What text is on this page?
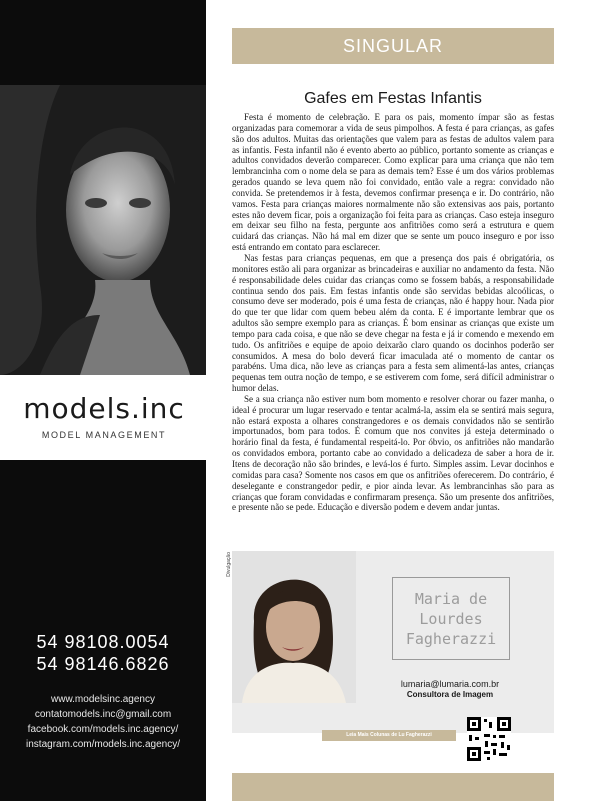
models.inc
MODEL MANAGEMENT
54 98108.0054
54 98146.6826
www.modelsinc.agency
contatomodels.inc@gmail.com
facebook.com/models.inc.agency/
instagram.com/models.inc.agency/
SINGULAR
Gafes em Festas Infantis

Festa é momento de celebração. E para os pais, momento ímpar são as festas organizadas para comemorar a vida de seus pimpolhos. A festa é para crianças, as gafes são dos adultos. Muitas das orientações que valem para as festas de adultos valem para as infantis. Festa infantil não é evento aberto ao público, portanto somente as crianças e adultos convidados deverão comparecer. Como explicar para uma criança que não tem lembrancinha com o nome dela se para as demais tem? Esse é um dos vários problemas gerados quando se leva quem não foi convidado, então vale a regra: convidado não convida. Se pretendemos ir à festa, devemos confirmar presença e ir. Do contrário, não vamos. Festa para crianças maiores normalmente não são extensivas aos pais, portanto estes não devem ficar, pois a organização foi feita para as crianças. Caso esteja inseguro em deixar seu filho na festa, pergunte aos anfitriões como será a estrutura e quem cuidará das crianças. Não há mal em dizer que se sente um pouco inseguro e por isso está entrando em contato para esclarecer.

Nas festas para crianças pequenas, em que a presença dos pais é obrigatória, os monitores estão ali para organizar as brincadeiras e auxiliar no andamento da festa. Não é responsabilidade deles cuidar das crianças como se fossem babás, a responsabilidade continua sendo dos pais. Em festas infantis onde são servidas bebidas alcoólicas, o consumo deve ser moderado, pois é uma festa de crianças, não é happy hour. Nada pior do que ter que lidar com quem bebeu além da conta. E é importante lembrar que os adultos são sempre exemplo para as crianças. É bom ensinar as crianças que existe um tempo para cada coisa, e que não se deve chegar na festa e já ir comendo e mexendo em tudo. Os anfitriões e equipe de apoio deixarão claro quando os docinhos poderão ser consumidos. A mesa do bolo deverá ficar imaculada até o momento de cantar os parabéns. Uma dica, não leve as crianças para a festa sem alimentá-las antes, crianças pequenas tem outra noção de tempo, e se estiverem com fome, será difícil administrar o humor delas.

Se a sua criança não estiver num bom momento e resolver chorar ou fazer manha, o ideal é procurar um lugar reservado e tentar acalmá-la, assim ela se sentirá mais segura, não estará exposta a olhares constrangedores e os demais convidados não se sentirão importunados, bom para todos. É comum que nos convites já esteja determinado o horário final da festa, é fundamental respeitá-lo. Por óbvio, os anfitriões não mandarão os convidados embora, portanto cabe ao convidado a delicadeza de saber a hora de ir. Itens de decoração não são brindes, e levá-los é furto. Simples assim. Levar docinhos e comidas para casa? Somente nos casos em que os anfitriões oferecerem. Do contrário, é deselegante e constrangedor pedir, e pior ainda levar. As lembrancinhas são para as crianças que foram convidadas e confirmaram presença. São um presente dos anfitriões, e presente não se pede. Educação e diversão podem e devem andar juntas.

Divulgação
Maria de
Lourdes
Fagherazzi
lumaria@lumaria.com.br
Consultora de Imagem
Leia Mais Colunas de Lu Fagherazzi
